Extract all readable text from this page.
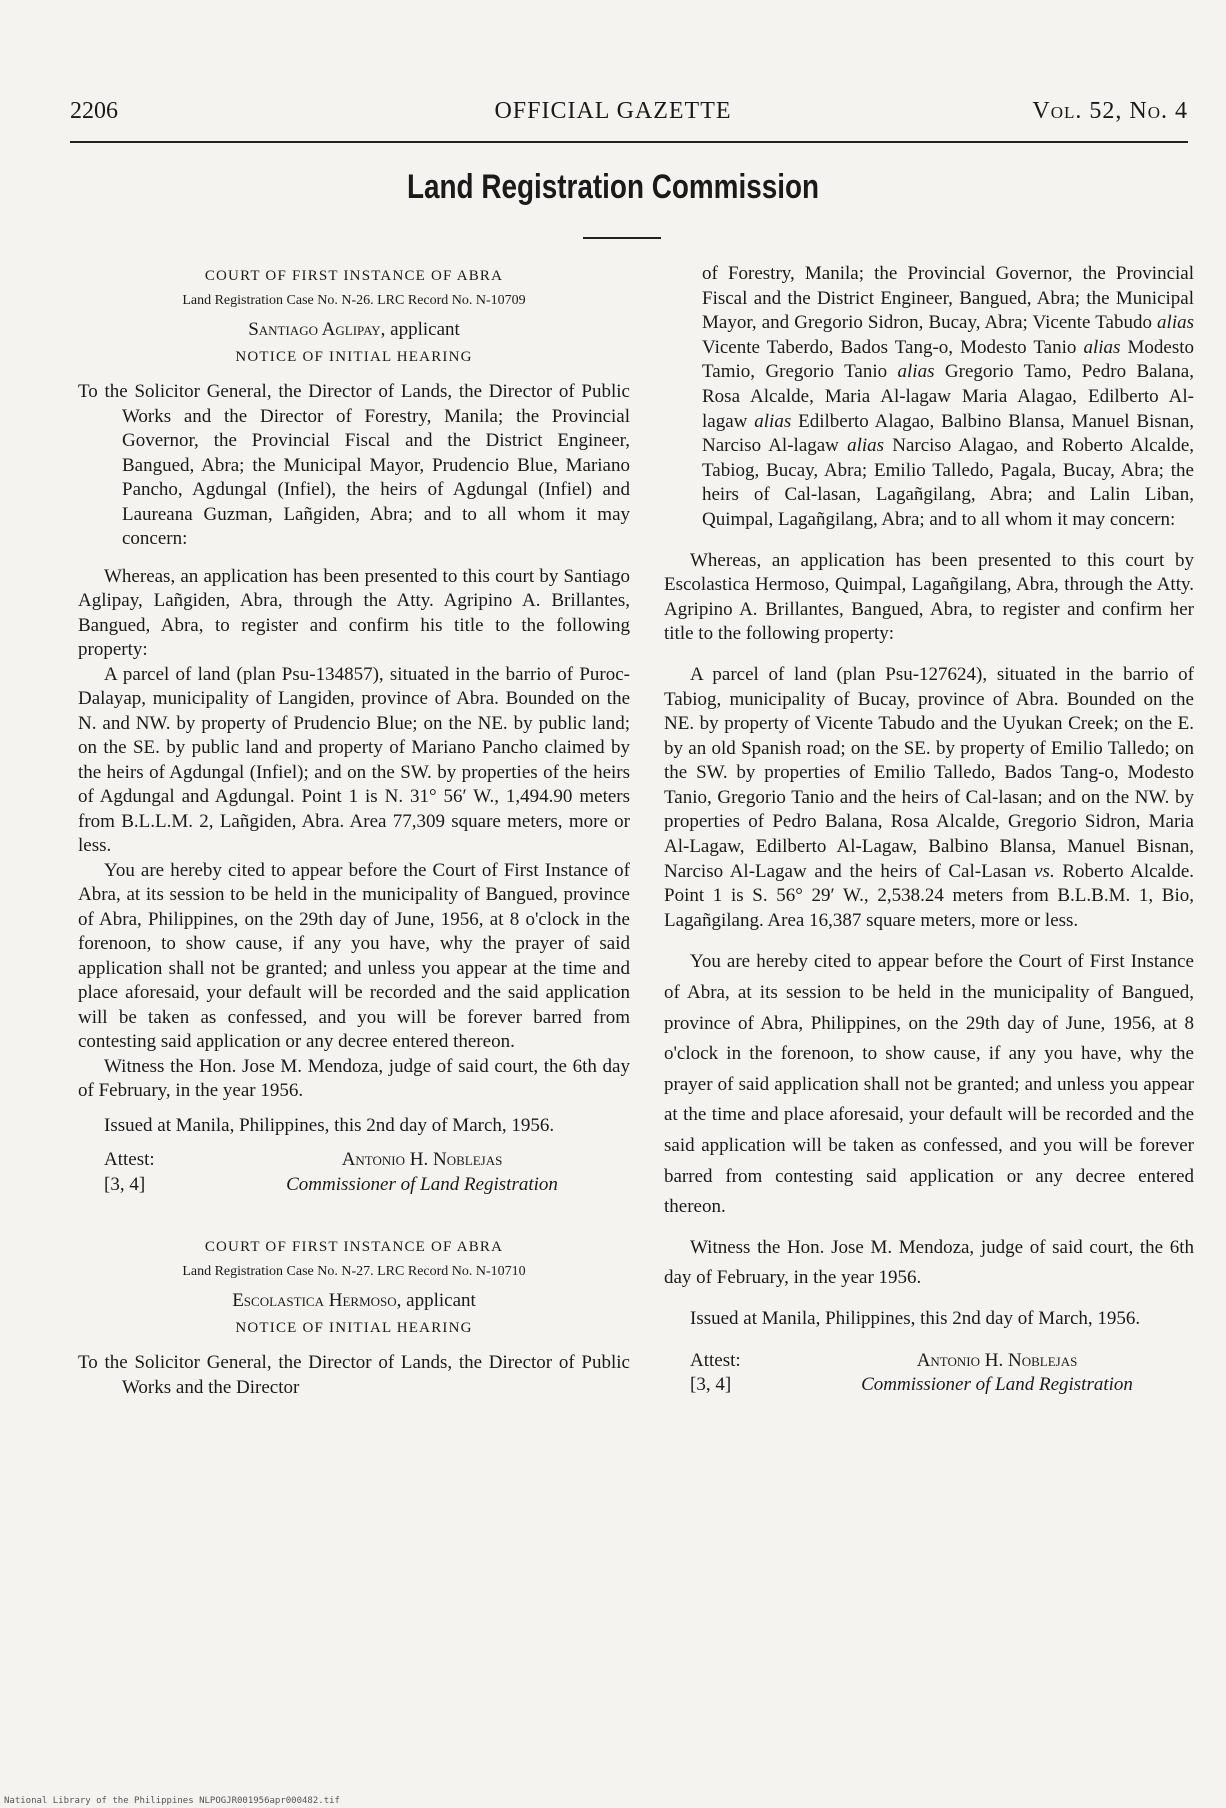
2206	OFFICIAL GAZETTE	Vol. 52, No. 4
Land Registration Commission

COURT OF FIRST INSTANCE OF ABRA

Land Registration Case No. N-26. LRC Record No. N-10709

Santiago Aglipay, applicant

NOTICE OF INITIAL HEARING

To the Solicitor General, the Director of Lands, the Director of Public Works and the Director of Forestry, Manila; the Provincial Governor, the Provincial Fiscal and the District Engineer, Bangued, Abra; the Municipal Mayor, Prudencio Blue, Mariano Pancho, Agdungal (Infiel), the heirs of Agdungal (Infiel) and Laureana Guzman, Lañgiden, Abra; and to all whom it may concern:

Whereas, an application has been presented to this court by Santiago Aglipay, Lañgiden, Abra, through the Atty. Agripino A. Brillantes, Bangued, Abra, to register and confirm his title to the following property:

A parcel of land (plan Psu-134857), situated in the barrio of Puroc-Dalayap, municipality of Langiden, province of Abra. Bounded on the N. and NW. by property of Prudencio Blue; on the NE. by public land; on the SE. by public land and property of Mariano Pancho claimed by the heirs of Agdungal (Infiel); and on the SW. by properties of the heirs of Agdungal and Agdungal. Point 1 is N. 31° 56′ W., 1,494.90 meters from B.L.L.M. 2, Lañgiden, Abra. Area 77,309 square meters, more or less.

You are hereby cited to appear before the Court of First Instance of Abra, at its session to be held in the municipality of Bangued, province of Abra, Philippines, on the 29th day of June, 1956, at 8 o'clock in the forenoon, to show cause, if any you have, why the prayer of said application shall not be granted; and unless you appear at the time and place aforesaid, your default will be recorded and the said application will be taken as confessed, and you will be forever barred from contesting said application or any decree entered thereon.

Witness the Hon. Jose M. Mendoza, judge of said court, the 6th day of February, in the year 1956.

Issued at Manila, Philippines, this 2nd day of March, 1956.

Attest:
[3, 4]
Antonio H. Noblejas
Commissioner of Land Registration

COURT OF FIRST INSTANCE OF ABRA

Land Registration Case No. N-27. LRC Record No. N-10710

Escolastica Hermoso, applicant

NOTICE OF INITIAL HEARING

To the Solicitor General, the Director of Lands, the Director of Public Works and the Director

of Forestry, Manila; the Provincial Governor, the Provincial Fiscal and the District Engineer, Bangued, Abra; the Municipal Mayor, and Gregorio Sidron, Bucay, Abra; Vicente Tabudo alias Vicente Taberdo, Bados Tang-o, Modesto Tanio alias Modesto Tamio, Gregorio Tanio alias Gregorio Tamo, Pedro Balana, Rosa Alcalde, Maria Al-lagaw Maria Alagao, Edilberto Al-lagaw alias Edilberto Alagao, Balbino Blansa, Manuel Bisnan, Narciso Al-lagaw alias Narciso Alagao, and Roberto Alcalde, Tabiog, Bucay, Abra; Emilio Talledo, Pagala, Bucay, Abra; the heirs of Cal-lasan, Lagañgilang, Abra; and Lalin Liban, Quimpal, Lagañgilang, Abra; and to all whom it may concern:

Whereas, an application has been presented to this court by Escolastica Hermoso, Quimpal, Lagañgilang, Abra, through the Atty. Agripino A. Brillantes, Bangued, Abra, to register and confirm her title to the following property:

A parcel of land (plan Psu-127624), situated in the barrio of Tabiog, municipality of Bucay, province of Abra. Bounded on the NE. by property of Vicente Tabudo and the Uyukan Creek; on the E. by an old Spanish road; on the SE. by property of Emilio Talledo; on the SW. by properties of Emilio Talledo, Bados Tang-o, Modesto Tanio, Gregorio Tanio and the heirs of Cal-lasan; and on the NW. by properties of Pedro Balana, Rosa Alcalde, Gregorio Sidron, Maria Al-Lagaw, Edilberto Al-Lagaw, Balbino Blansa, Manuel Bisnan, Narciso Al-Lagaw and the heirs of Cal-Lasan vs. Roberto Alcalde. Point 1 is S. 56° 29′ W., 2,538.24 meters from B.L.B.M. 1, Bio, Lagañgilang. Area 16,387 square meters, more or less.

You are hereby cited to appear before the Court of First Instance of Abra, at its session to be held in the municipality of Bangued, province of Abra, Philippines, on the 29th day of June, 1956, at 8 o'clock in the forenoon, to show cause, if any you have, why the prayer of said application shall not be granted; and unless you appear at the time and place aforesaid, your default will be recorded and the said application will be taken as confessed, and you will be forever barred from contesting said application or any decree entered thereon.

Witness the Hon. Jose M. Mendoza, judge of said court, the 6th day of February, in the year 1956.

Issued at Manila, Philippines, this 2nd day of March, 1956.

Attest:
[3, 4]
Antonio H. Noblejas
Commissioner of Land Registration
National Library of the Philippines NLPOGJR001956apr000482.tif
